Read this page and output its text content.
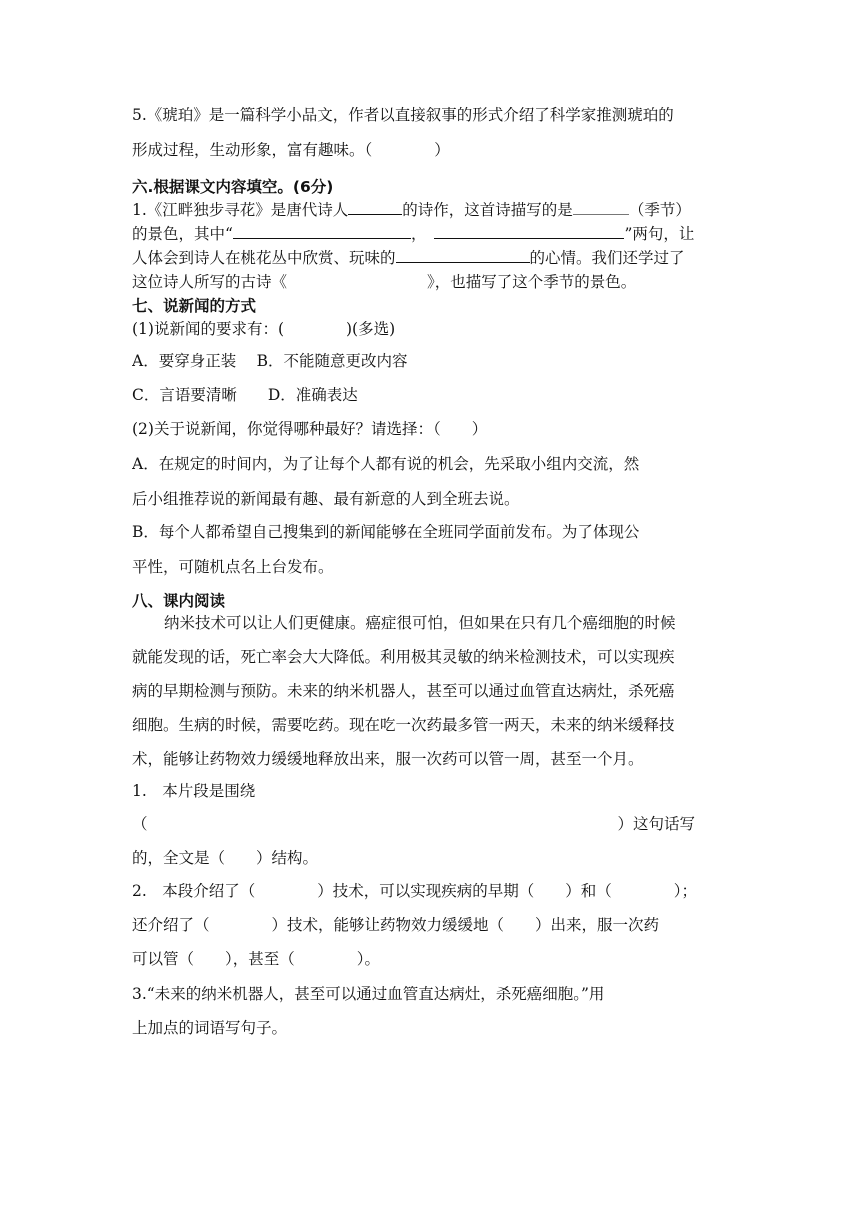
5.《琥珀》是一篇科学小品文，作者以直接叙事的形式介绍了科学家推测琥珀的
形成过程，生动形象，富有趣味。（　　　　）
六.根据课文内容填空。(6分)
1.《江畔独步寻花》是唐代诗人	的诗作，这首诗描写的是	（季节）
的景色，其中“	，	”两句，让
人体会到诗人在桃花丛中欣赏、玩味的	的心情。我们还学过了
这位诗人所写的古诗《	》，也描写了这个季节的景色。
七、说新闻的方式
(1)说新闻的要求有：(　　　　)(多选)
A．要穿身正装　 B．不能随意更改内容
C．言语要清晰　　D．准确表达
(2)关于说新闻，你觉得哪种最好？请选择：（　　）
A．在规定的时间内，为了让每个人都有说的机会，先采取小组内交流，然
后小组推荐说的新闻最有趣、最有新意的人到全班去说。
B．每个人都希望自己搜集到的新闻能够在全班同学面前发布。为了体现公
平性，可随机点名上台发布。
八、课内阅读
纳米技术可以让人们更健康。癌症很可怕，但如果在只有几个癌细胞的时候
就能发现的话，死亡率会大大降低。利用极其灵敏的纳米检测技术，可以实现疾
病的早期检测与预防。未来的纳米机器人，甚至可以通过血管直达病灶，杀死癌
细胞。生病的时候，需要吃药。现在吃一次药最多管一两天，未来的纳米缓释技
术，能够让药物效力缓缓地释放出来，服一次药可以管一周，甚至一个月。
1.　本片段是围绕
（	）这句话写
的，全文是（　　）结构。
2.　本段介绍了（　　　　）技术，可以实现疾病的早期（　　）和（　　　　）；
还介绍了（　　　　）技术，能够让药物效力缓缓地（　　）出来，服一次药
可以管（　　），甚至（　　　　）。
3.“未来的纳米机器人，甚至可以通过血管直达病灶，杀死癌细胞。”用
上加点的词语写句子。
